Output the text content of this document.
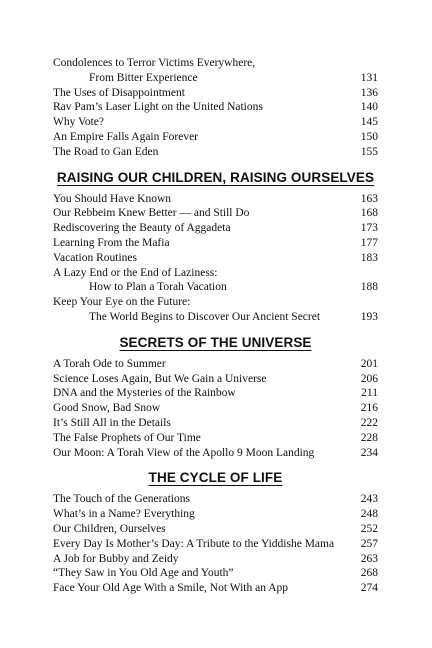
Condolences to Terror Victims Everywhere,
From Bitter Experience	131
The Uses of Disappointment	136
Rav Pam’s Laser Light on the United Nations	140
Why Vote?	145
An Empire Falls Again Forever	150
The Road to Gan Eden	155
RAISING OUR CHILDREN, RAISING OURSELVES
You Should Have Known	163
Our Rebbeim Knew Better — and Still Do	168
Rediscovering the Beauty of Aggadeta	173
Learning From the Mafia	177
Vacation Routines	183
A Lazy End or the End of Laziness:
How to Plan a Torah Vacation	188
Keep Your Eye on the Future:
The World Begins to Discover Our Ancient Secret	193
SECRETS OF THE UNIVERSE
A Torah Ode to Summer	201
Science Loses Again, But We Gain a Universe	206
DNA and the Mysteries of the Rainbow	211
Good Snow, Bad Snow	216
It’s Still All in the Details	222
The False Prophets of Our Time	228
Our Moon: A Torah View of the Apollo 9 Moon Landing	234
THE CYCLE OF LIFE
The Touch of the Generations	243
What’s in a Name? Everything	248
Our Children, Ourselves	252
Every Day Is Mother’s Day: A Tribute to the Yiddishe Mama 257
A Job for Bubby and Zeidy	263
“They Saw in You Old Age and Youth”	268
Face Your Old Age With a Smile, Not With an App	274
